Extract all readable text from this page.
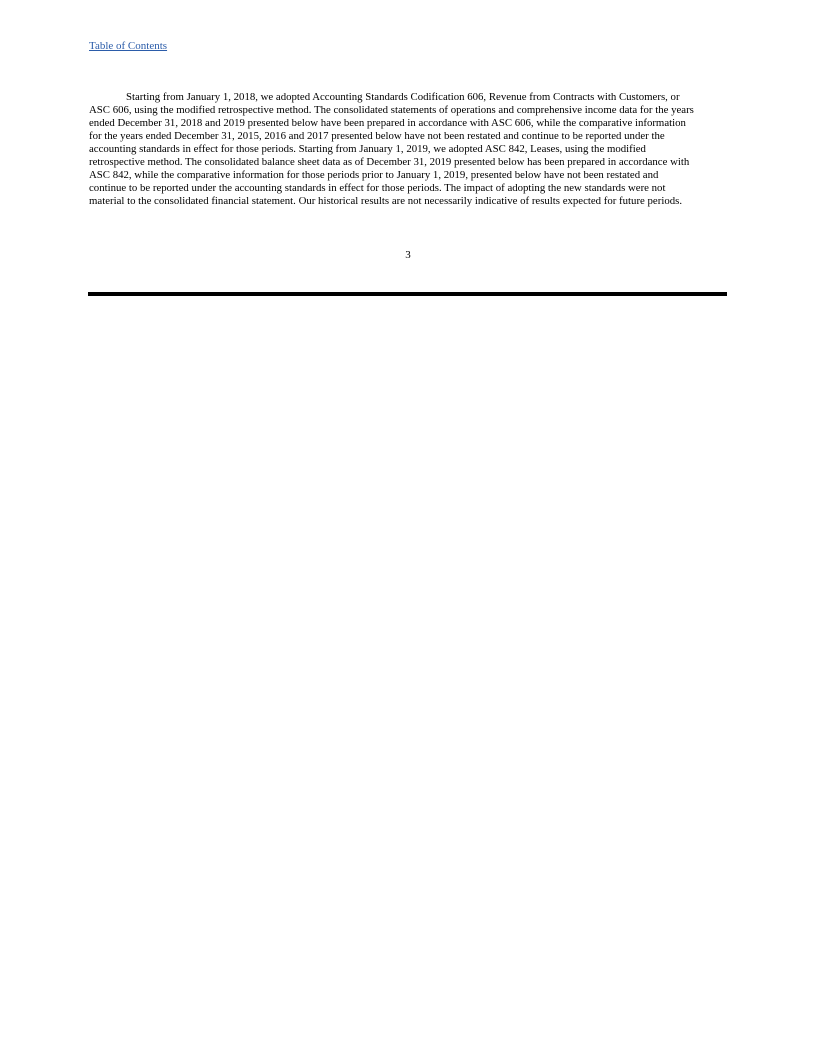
Table of Contents
Starting from January 1, 2018, we adopted Accounting Standards Codification 606, Revenue from Contracts with Customers, or
ASC 606, using the modified retrospective method. The consolidated statements of operations and comprehensive income data for the years
ended December 31, 2018 and 2019 presented below have been prepared in accordance with ASC 606, while the comparative information
for the years ended December 31, 2015, 2016 and 2017 presented below have not been restated and continue to be reported under the
accounting standards in effect for those periods. Starting from January 1, 2019, we adopted ASC 842, Leases, using the modified
retrospective method. The consolidated balance sheet data as of December 31, 2019 presented below has been prepared in accordance with
ASC 842, while the comparative information for those periods prior to January 1, 2019, presented below have not been restated and
continue to be reported under the accounting standards in effect for those periods. The impact of adopting the new standards were not
material to the consolidated financial statement. Our historical results are not necessarily indicative of results expected for future periods.
3
